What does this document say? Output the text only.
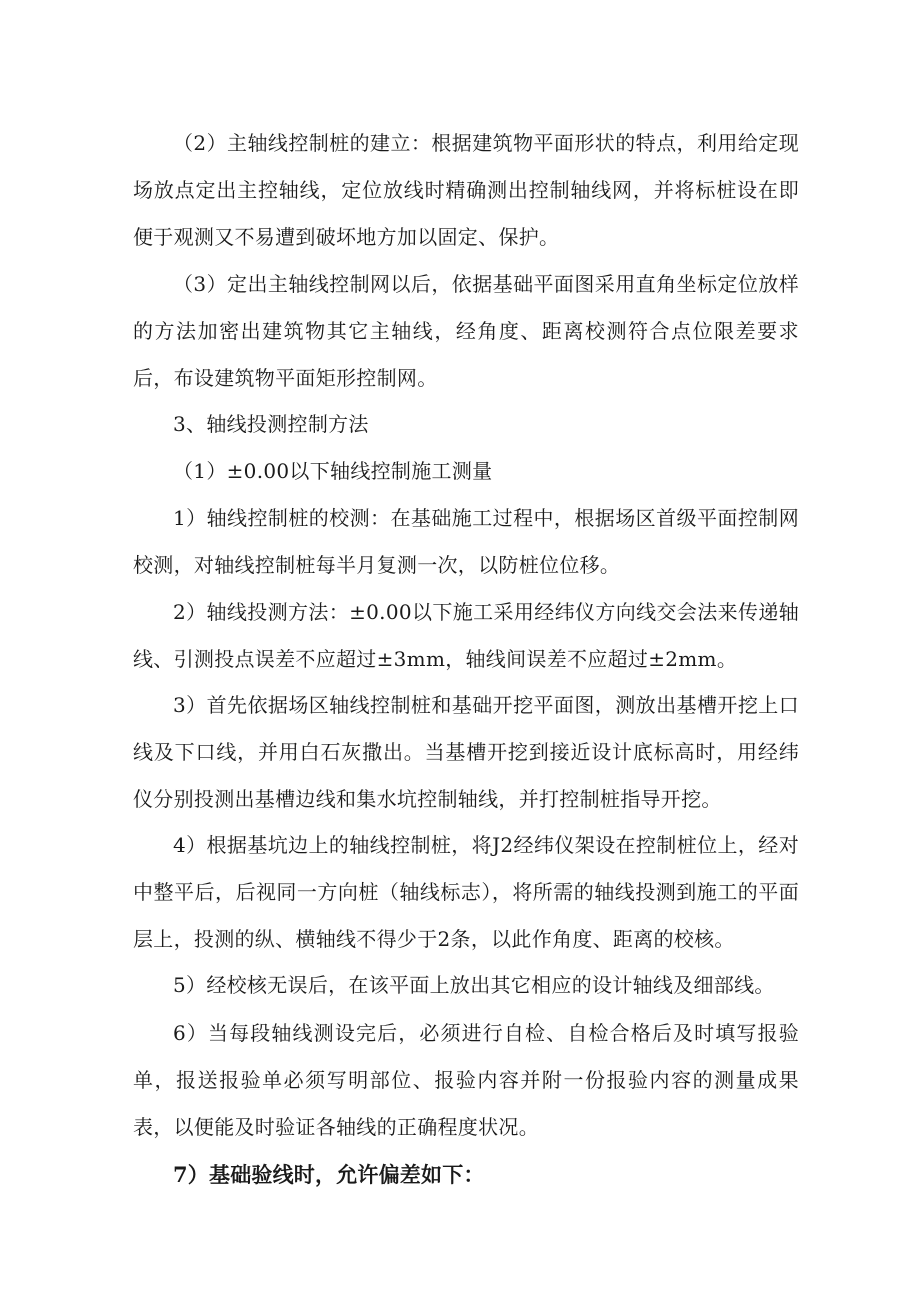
（2）主轴线控制桩的建立：根据建筑物平面形状的特点，利用给定现场放点定出主控轴线，定位放线时精确测出控制轴线网，并将标桩设在即便于观测又不易遭到破坏地方加以固定、保护。

（3）定出主轴线控制网以后，依据基础平面图采用直角坐标定位放样的方法加密出建筑物其它主轴线，经角度、距离校测符合点位限差要求后，布设建筑物平面矩形控制网。

3、轴线投测控制方法

（1）±0.00以下轴线控制施工测量

1）轴线控制桩的校测：在基础施工过程中，根据场区首级平面控制网校测，对轴线控制桩每半月复测一次，以防桩位位移。

2）轴线投测方法：±0.00以下施工采用经纬仪方向线交会法来传递轴线、引测投点误差不应超过±3mm，轴线间误差不应超过±2mm。

3）首先依据场区轴线控制桩和基础开挖平面图，测放出基槽开挖上口线及下口线，并用白石灰撒出。当基槽开挖到接近设计底标高时，用经纬仪分别投测出基槽边线和集水坑控制轴线，并打控制桩指导开挖。

4）根据基坑边上的轴线控制桩，将J2经纬仪架设在控制桩位上，经对中整平后，后视同一方向桩（轴线标志），将所需的轴线投测到施工的平面层上，投测的纵、横轴线不得少于2条，以此作角度、距离的校核。

5）经校核无误后，在该平面上放出其它相应的设计轴线及细部线。

6）当每段轴线测设完后，必须进行自检、自检合格后及时填写报验单，报送报验单必须写明部位、报验内容并附一份报验内容的测量成果表，以便能及时验证各轴线的正确程度状况。

7）基础验线时，允许偏差如下：
